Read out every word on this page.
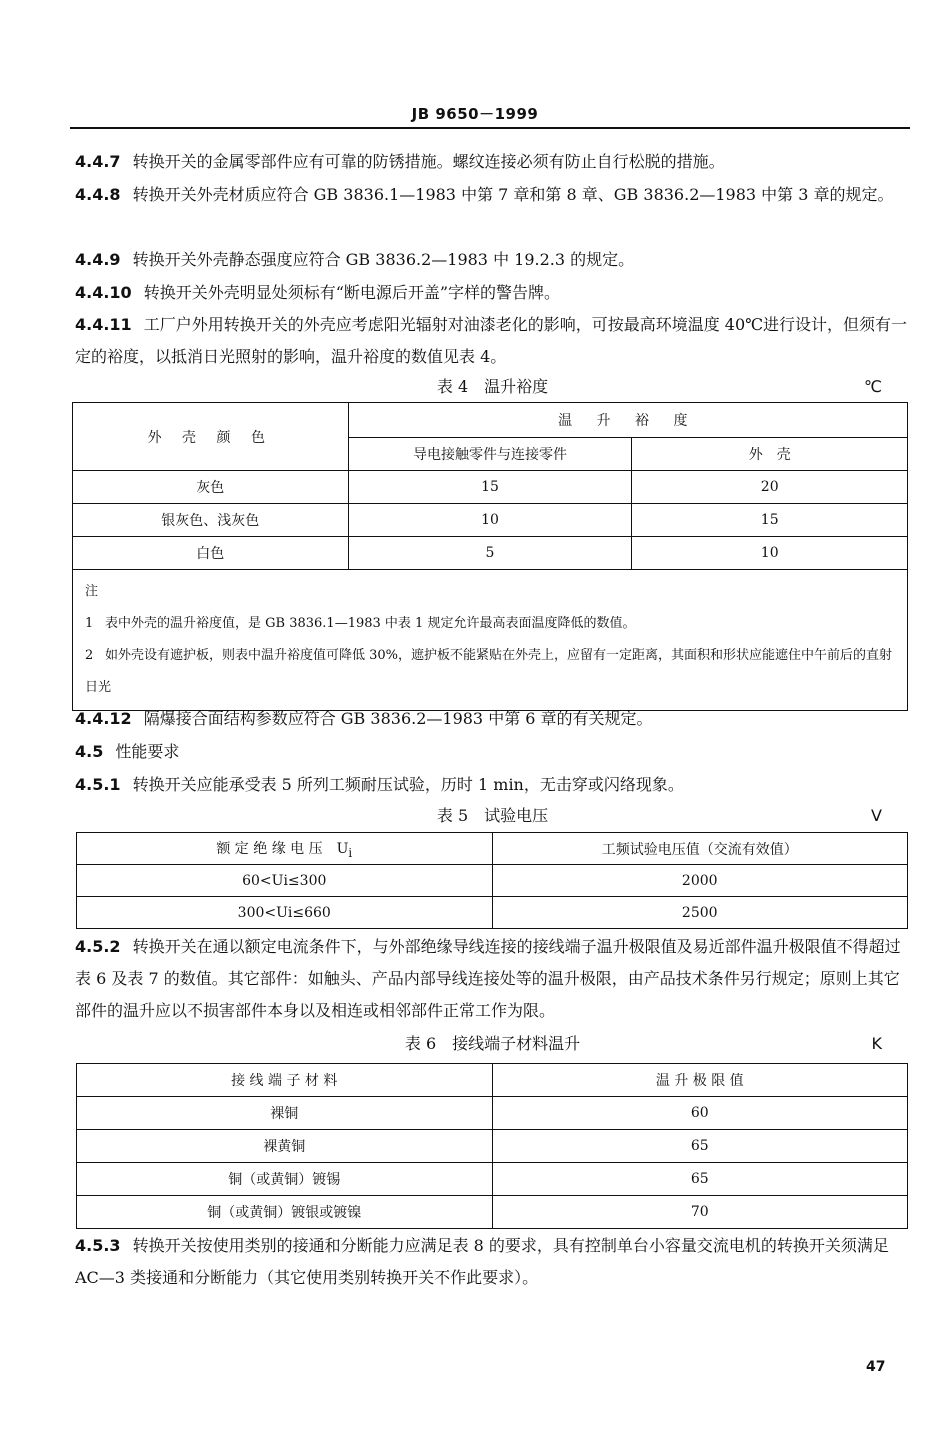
JB 9650－1999

4.4.7 转换开关的金属零部件应有可靠的防锈措施。螺纹连接必须有防止自行松脱的措施。

4.4.8 转换开关外壳材质应符合 GB 3836.1—1983 中第 7 章和第 8 章、GB 3836.2—1983 中第 3 章的规定。

4.4.9 转换开关外壳静态强度应符合 GB 3836.2—1983 中 19.2.3 的规定。

4.4.10 转换开关外壳明显处须标有“断电源后开盖”字样的警告牌。

4.4.11 工厂户外用转换开关的外壳应考虑阳光辐射对油漆老化的影响，可按最高环境温度 40℃进行设计，但须有一定的裕度，以抵消日光照射的影响，温升裕度的数值见表 4。

表 4　温升裕度	℃
外 壳 颜 色	温 升 裕 度	
	导电接触零件与连接零件	外　壳
灰色	15	20
银灰色、浅灰色	10	15
白色	5	10

注
1 表中外壳的温升裕度值，是 GB 3836.1—1983 中表 1 规定允许最高表面温度降低的数值。
2 如外壳设有遮护板，则表中温升裕度值可降低 30%，遮护板不能紧贴在外壳上，应留有一定距离，其面积和形状应能遮住中午前后的直射日光		

4.4.12 隔爆接合面结构参数应符合 GB 3836.2—1983 中第 6 章的有关规定。

4.5 性能要求

4.5.1 转换开关应能承受表 5 所列工频耐压试验，历时 1 min，无击穿或闪络现象。

表 5　试验电压	V
额 定 绝 缘 电 压　$U_i$	工频试验电压值（交流有效值）
60<Ui≤300	2000
300<Ui≤660	2500

4.5.2 转换开关在通以额定电流条件下，与外部绝缘导线连接的接线端子温升极限值及易近部件温升极限值不得超过表 6 及表 7 的数值。其它部件：如触头、产品内部导线连接处等的温升极限，由产品技术条件另行规定；原则上其它部件的温升应以不损害部件本身以及相连或相邻部件正常工作为限。

表 6　接线端子材料温升	K
接 线 端 子 材 料	温 升 极 限 值
裸铜	60
裸黄铜	65
铜（或黄铜）镀锡	65
铜（或黄铜）镀银或镀镍	70

4.5.3 转换开关按使用类别的接通和分断能力应满足表 8 的要求，具有控制单台小容量交流电机的转换开关须满足 AC—3 类接通和分断能力（其它使用类别转换开关不作此要求）。

47
